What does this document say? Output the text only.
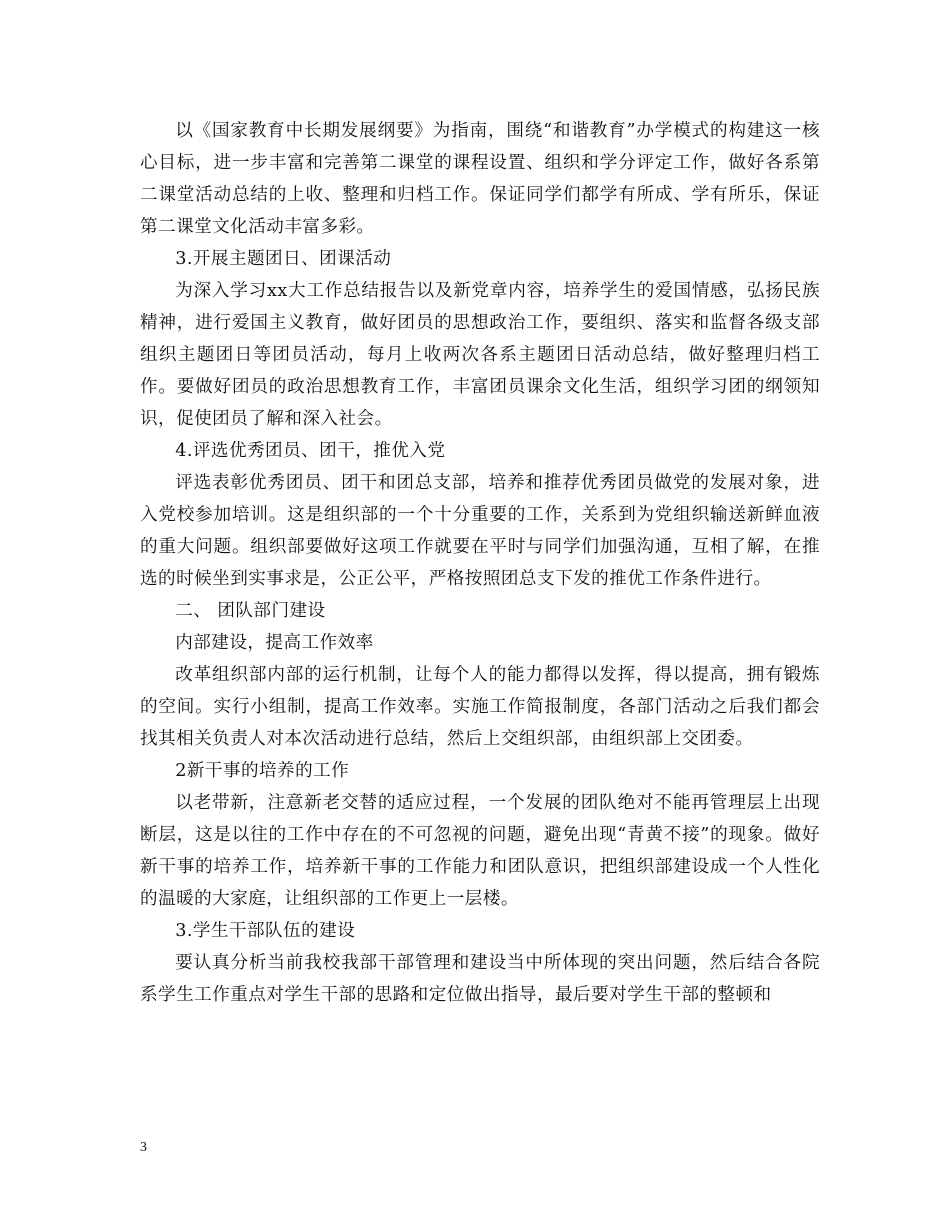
以《国家教育中长期发展纲要》为指南，围绕“和谐教育”办学模式的构建这一核心目标，进一步丰富和完善第二课堂的课程设置、组织和学分评定工作，做好各系第二课堂活动总结的上收、整理和归档工作。保证同学们都学有所成、学有所乐，保证第二课堂文化活动丰富多彩。

3.开展主题团日、团课活动

为深入学习xx大工作总结报告以及新党章内容，培养学生的爱国情感，弘扬民族精神，进行爱国主义教育，做好团员的思想政治工作，要组织、落实和监督各级支部组织主题团日等团员活动，每月上收两次各系主题团日活动总结，做好整理归档工作。要做好团员的政治思想教育工作，丰富团员课余文化生活，组织学习团的纲领知识，促使团员了解和深入社会。

4.评选优秀团员、团干，推优入党

评选表彰优秀团员、团干和团总支部，培养和推荐优秀团员做党的发展对象，进入党校参加培训。这是组织部的一个十分重要的工作，关系到为党组织输送新鲜血液的重大问题。组织部要做好这项工作就要在平时与同学们加强沟通，互相了解，在推选的时候坐到实事求是，公正公平，严格按照团总支下发的推优工作条件进行。

二、 团队部门建设

内部建设，提高工作效率

改革组织部内部的运行机制，让每个人的能力都得以发挥，得以提高，拥有锻炼的空间。实行小组制，提高工作效率。实施工作简报制度，各部门活动之后我们都会找其相关负责人对本次活动进行总结，然后上交组织部，由组织部上交团委。

2新干事的培养的工作

以老带新，注意新老交替的适应过程，一个发展的团队绝对不能再管理层上出现断层，这是以往的工作中存在的不可忽视的问题，避免出现“青黄不接”的现象。做好新干事的培养工作，培养新干事的工作能力和团队意识，把组织部建设成一个人性化的温暖的大家庭，让组织部的工作更上一层楼。

3.学生干部队伍的建设

要认真分析当前我校我部干部管理和建设当中所体现的突出问题，然后结合各院系学生工作重点对学生干部的思路和定位做出指导，最后要对学生干部的整顿和

3
